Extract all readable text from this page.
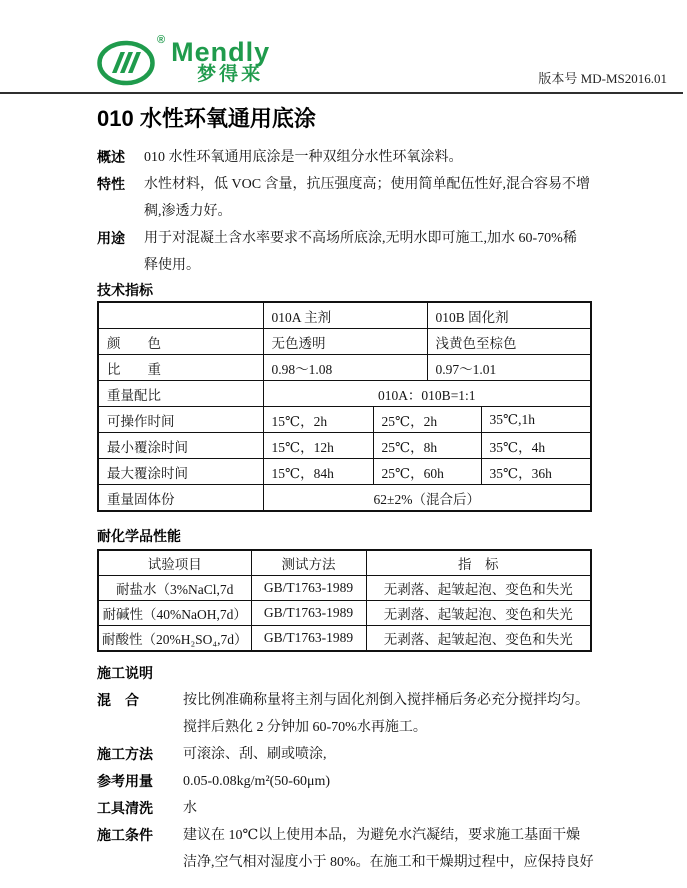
® Mendly
梦得来	版本号 MD-MS2016.01
010 水性环氧通用底涂
概述	010 水性环氧通用底涂是一种双组分水性环氧涂料。
特性	水性材料，低 VOC 含量，抗压强度高；使用简单配伍性好,混合容易不增
稠,渗透力好。
用途	用于对混凝土含水率要求不高场所底涂,无明水即可施工,加水 60-70%稀
释使用。
技术指标
	010A 主剂		010B 固化剂	
颜　　色	无色透明		浅黄色至棕色	
比　　重	0.98～1.08		0.97～1.01	
重量配比	010A：010B=1:1			
可操作时间	15℃，2h	25℃，2h		35℃,1h
最小覆涂时间	15℃，12h	25℃，8h		35℃，4h
最大覆涂时间	15℃，84h	25℃，60h		35℃，36h
重量固体份	62±2%（混合后）			
耐化学品性能
试验项目	测试方法	指　标
耐盐水（3%NaCl,7d	GB/T1763-1989	无剥落、起皱起泡、变色和失光
耐碱性（40%NaOH,7d）	GB/T1763-1989	无剥落、起皱起泡、变色和失光
耐酸性（20%H₂SO₄,7d）	GB/T1763-1989	无剥落、起皱起泡、变色和失光
施工说明
混　合	按比例准确称量将主剂与固化剂倒入搅拌桶后务必充分搅拌均匀。
搅拌后熟化 2 分钟加 60-70%水再施工。
施工方法	可滚涂、刮、刷或喷涂,
参考用量	0.05-0.08kg/m²(50-60μm)
工具清洗	水
施工条件	建议在 10℃以上使用本品，为避免水汽凝结，要求施工基面干燥
洁净,空气相对湿度小于 80%。在施工和干燥期过程中，应保持良好
